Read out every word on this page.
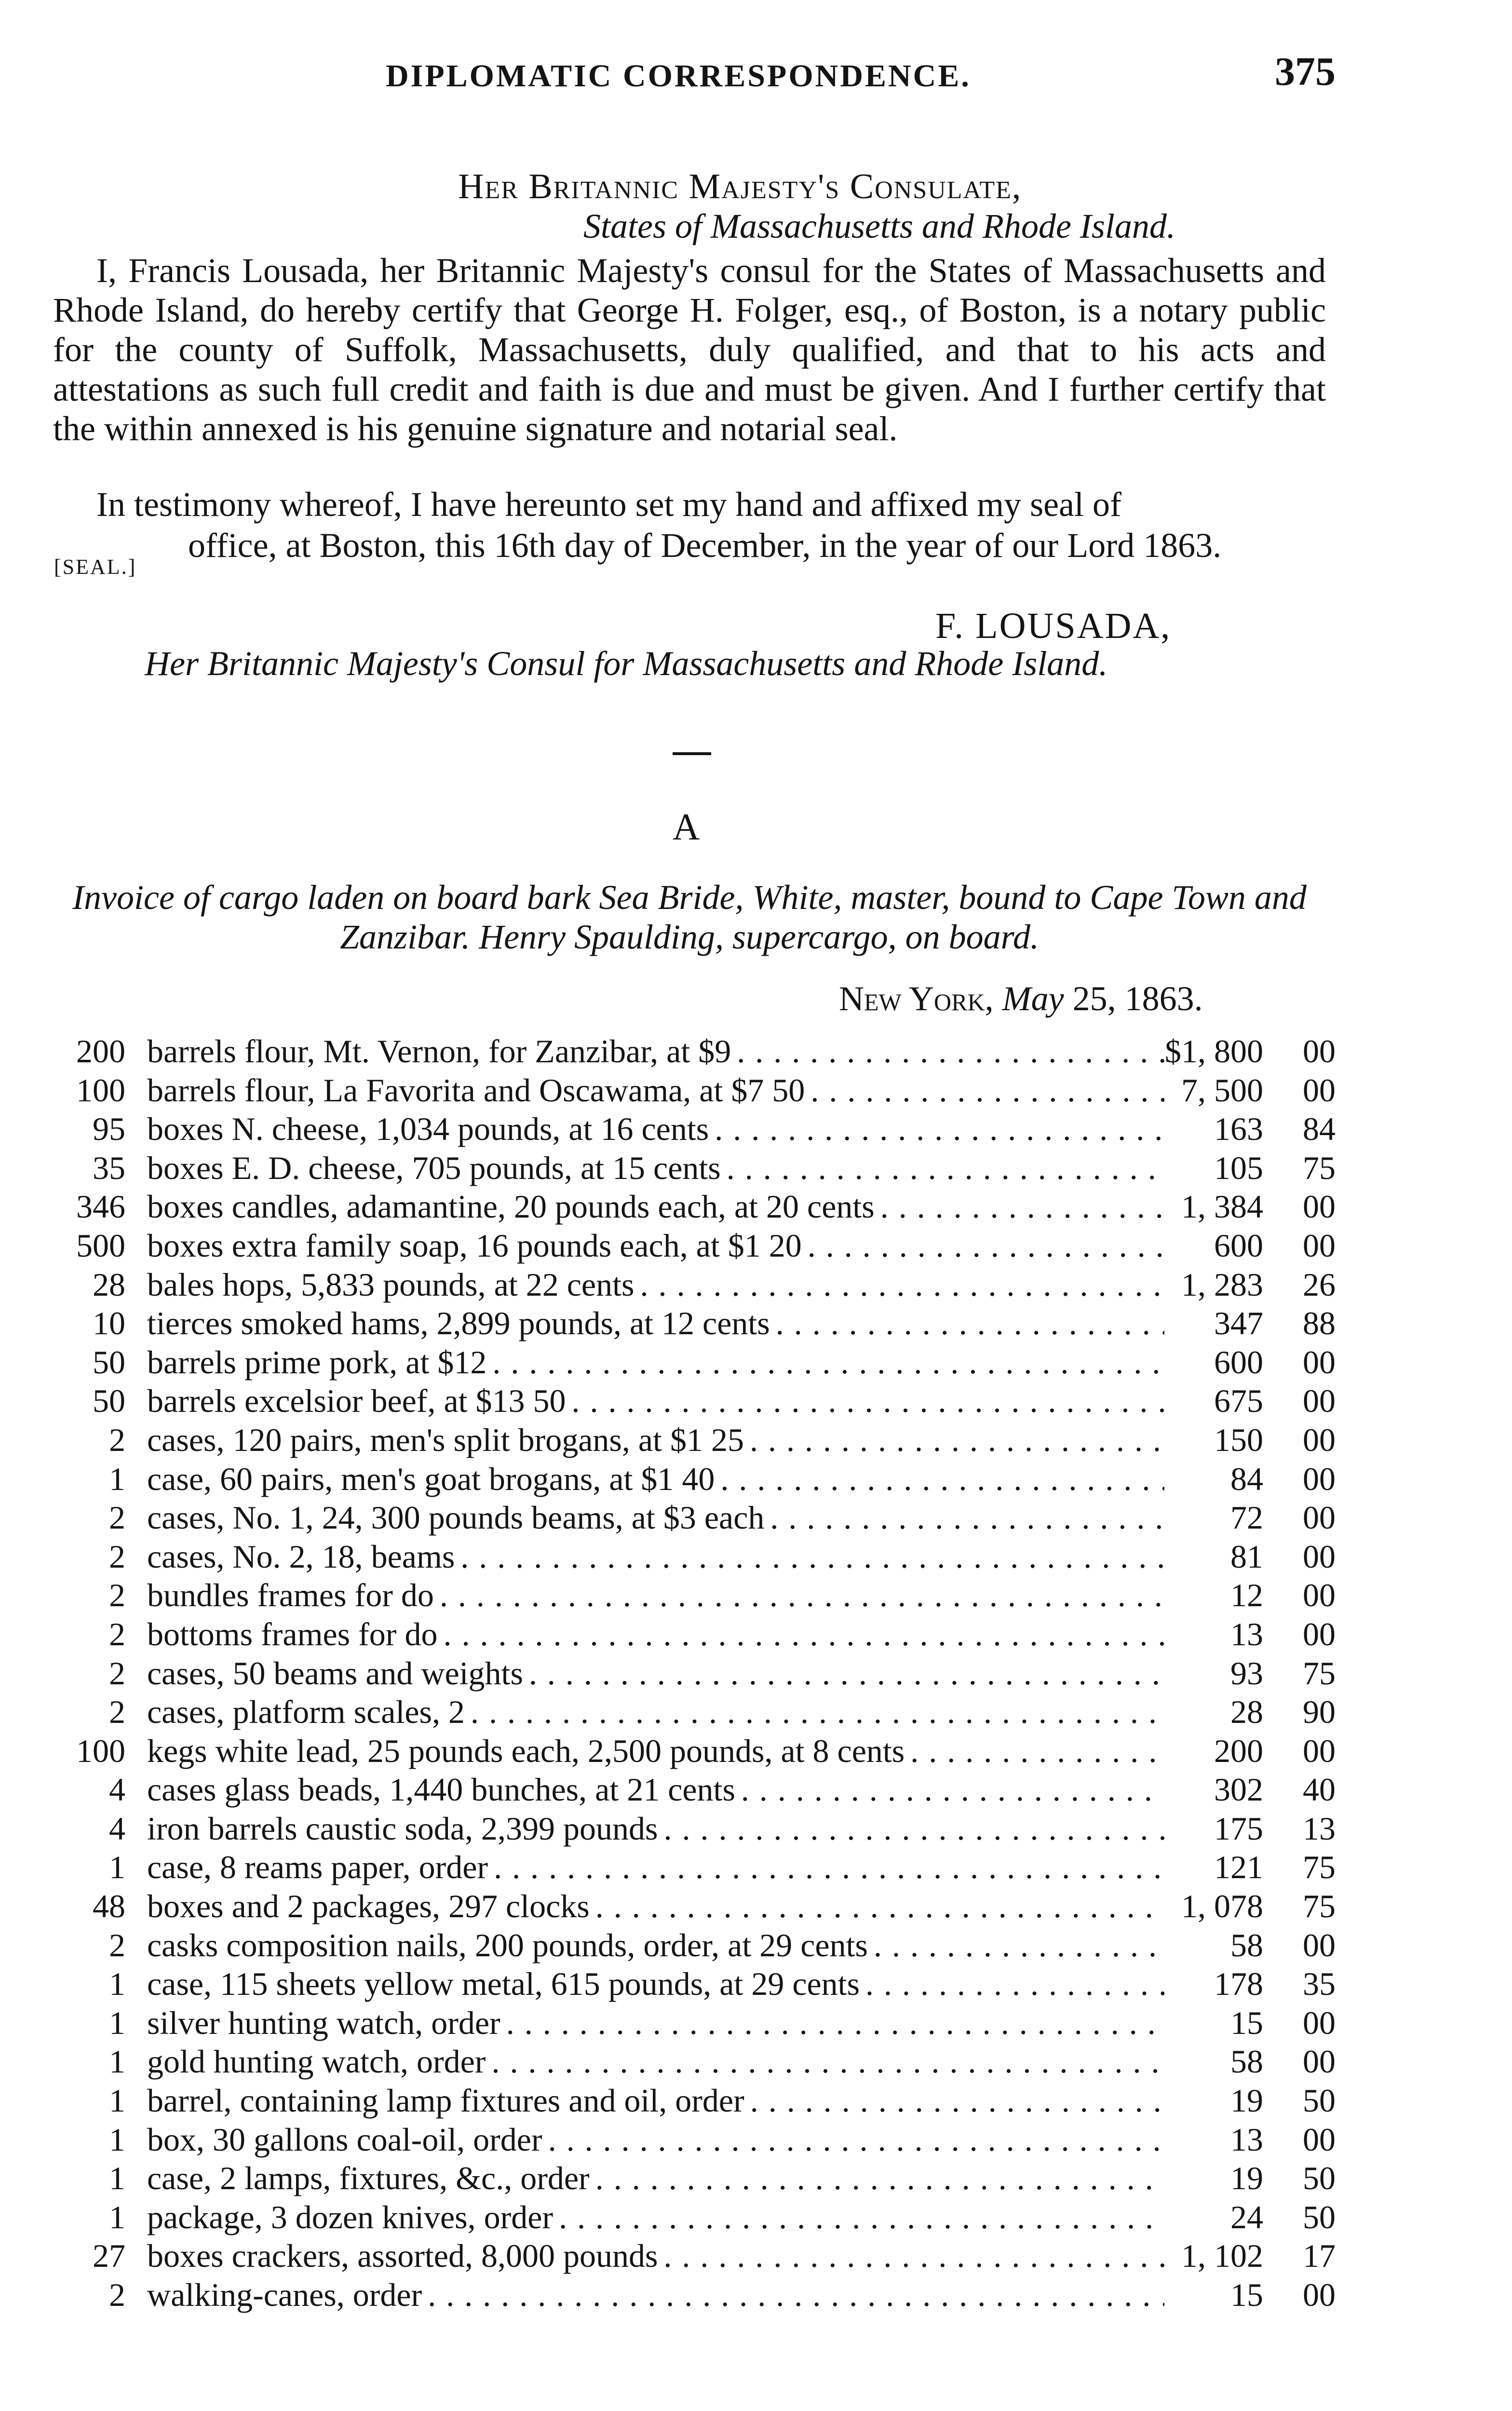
DIPLOMATIC CORRESPONDENCE.	375
Her Britannic Majesty's Consulate,
States of Massachusetts and Rhode Island.

I, Francis Lousada, her Britannic Majesty's consul for the States of Massachusetts and Rhode Island, do hereby certify that George H. Folger, esq., of Boston, is a notary public for the county of Suffolk, Massachusetts, duly qualified, and that to his acts and attestations as such full credit and faith is due and must be given. And I further certify that the within annexed is his genuine signature and notarial seal.

In testimony whereof, I have hereunto set my hand and affixed my seal of

[SEAL.]

office, at Boston, this 16th day of December, in the year of our Lord 1863.

F. LOUSADA,
Her Britannic Majesty's Consul for Massachusetts and Rhode Island.
A

Invoice of cargo laden on board bark Sea Bride, White, master, bound to Cape Town and Zanzibar. Henry Spaulding, supercargo, on board.

New York, May 25, 1863.
200 barrels flour, Mt. Vernon, for Zanzibar, at $9 . . .	$1, 800	00
100 barrels flour, La Favorita and Oscawama, at $7 50 . . .	7, 500	00
95 boxes N. cheese, 1,034 pounds, at 16 cents . . .	163	84
35 boxes E. D. cheese, 705 pounds, at 15 cents . . .	105	75
346 boxes candles, adamantine, 20 pounds each, at 20 cents . . .	1, 384	00
500 boxes extra family soap, 16 pounds each, at $1 20 . . .	600	00
28 bales hops, 5,833 pounds, at 22 cents . . .	1, 283	26
10 tierces smoked hams, 2,899 pounds, at 12 cents . . .	347	88
50 barrels prime pork, at $12 . . .	600	00
50 barrels excelsior beef, at $13 50 . . .	675	00
2 cases, 120 pairs, men's split brogans, at $1 25 . . .	150	00
1 case, 60 pairs, men's goat brogans, at $1 40 . . .	84	00
2 cases, No. 1, 24, 300 pounds beams, at $3 each . . .	72	00
2 cases, No. 2, 18, beams . . .	81	00
2 bundles frames for do . . .	12	00
2 bottoms frames for do . . .	13	00
2 cases, 50 beams and weights . . .	93	75
2 cases, platform scales, 2 . . .	28	90
100 kegs white lead, 25 pounds each, 2,500 pounds, at 8 cents . . .	200	00
4 cases glass beads, 1,440 bunches, at 21 cents . . .	302	40
4 iron barrels caustic soda, 2,399 pounds . . .	175	13
1 case, 8 reams paper, order . . .	121	75
48 boxes and 2 packages, 297 clocks . . .	1, 078	75
2 casks composition nails, 200 pounds, order, at 29 cents . . .	58	00
1 case, 115 sheets yellow metal, 615 pounds, at 29 cents . . .	178	35
1 silver hunting watch, order . . .	15	00
1 gold hunting watch, order . . .	58	00
1 barrel, containing lamp fixtures and oil, order . . .	19	50
1 box, 30 gallons coal-oil, order . . .	13	00
1 case, 2 lamps, fixtures, &c., order . . .	19	50
1 package, 3 dozen knives, order . . .	24	50
27 boxes crackers, assorted, 8,000 pounds . . .	1, 102	17
2 walking-canes, order . . .	15	00
